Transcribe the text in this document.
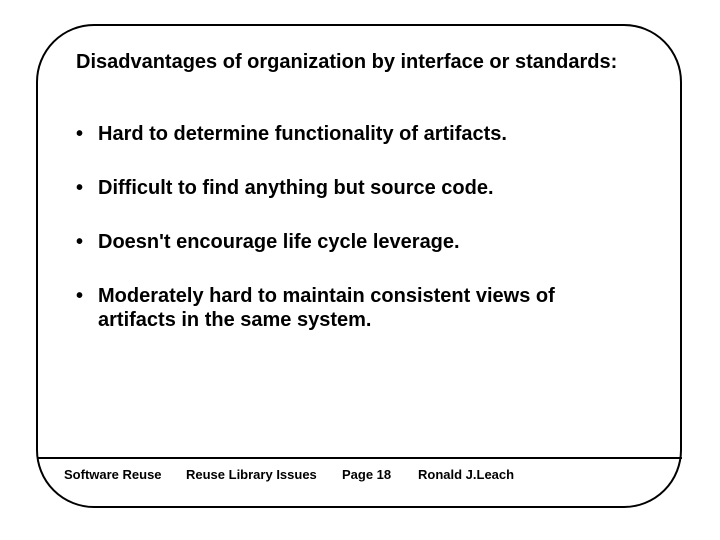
Disadvantages of organization by interface or standards:
• Hard to determine functionality of artifacts.
• Difficult to find anything but source code.
• Doesn't encourage life cycle leverage.
• Moderately hard to maintain consistent views of artifacts in the same system.
Software Reuse Reuse Library Issues Page 18 Ronald J.Leach
